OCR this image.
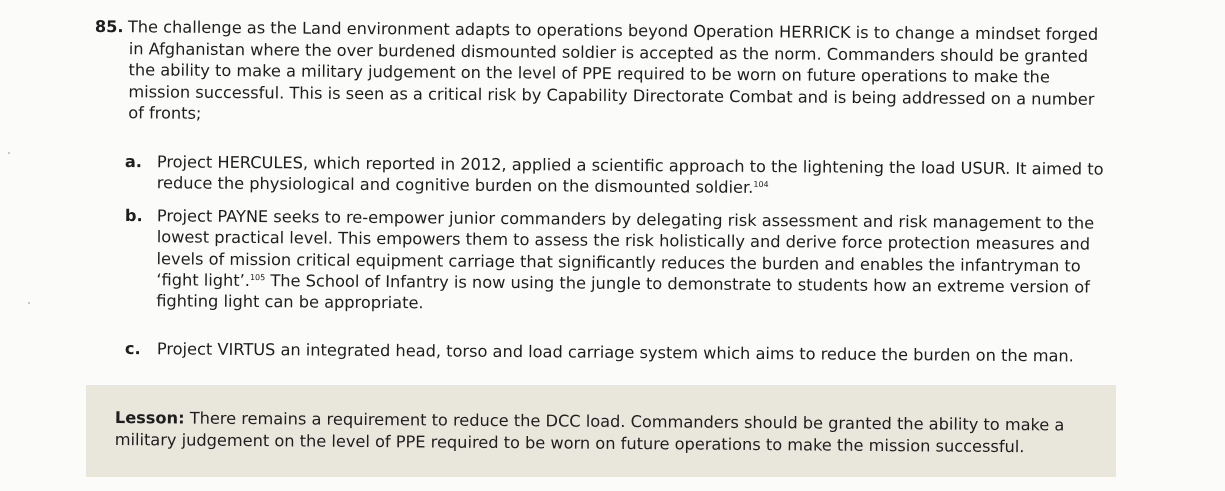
85. The challenge as the Land environment adapts to operations beyond Operation HERRICK is to change a mindset forged in Afghanistan where the over burdened dismounted soldier is accepted as the norm. Commanders should be granted the ability to make a military judgement on the level of PPE required to be worn on future operations to make the mission successful. This is seen as a critical risk by Capability Directorate Combat and is being addressed on a number of fronts;
a. Project HERCULES, which reported in 2012, applied a scientific approach to the lightening the load USUR. It aimed to reduce the physiological and cognitive burden on the dismounted soldier.$^{104}$
b. Project PAYNE seeks to re-empower junior commanders by delegating risk assessment and risk management to the lowest practical level. This empowers them to assess the risk holistically and derive force protection measures and levels of mission critical equipment carriage that significantly reduces the burden and enables the infantryman to ‘fight light’.$^{105}$ The School of Infantry is now using the jungle to demonstrate to students how an extreme version of fighting light can be appropriate.
c. Project VIRTUS an integrated head, torso and load carriage system which aims to reduce the burden on the man.
Lesson: There remains a requirement to reduce the DCC load. Commanders should be granted the ability to make a military judgement on the level of PPE required to be worn on future operations to make the mission successful.
